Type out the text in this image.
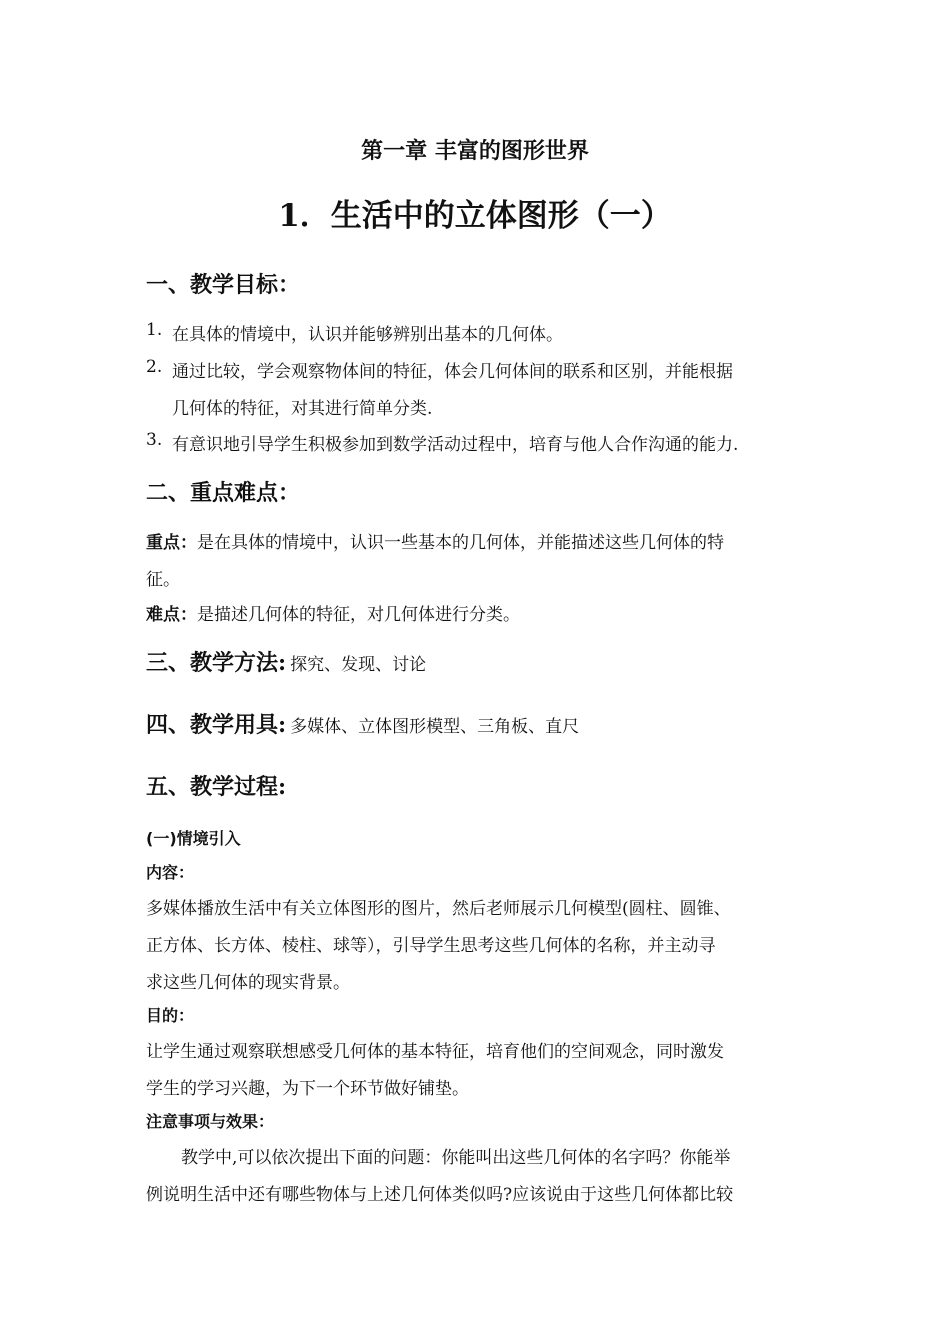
第一章 丰富的图形世界
1．生活中的立体图形（一）
一、教学目标：
1. 在具体的情境中，认识并能够辨别出基本的几何体。
2. 通过比较，学会观察物体间的特征，体会几何体间的联系和区别，并能根据
几何体的特征，对其进行简单分类.
3. 有意识地引导学生积极参加到数学活动过程中，培育与他人合作沟通的能力.
二、重点难点：
重点：是在具体的情境中，认识一些基本的几何体，并能描述这些几何体的特
征。
难点：是描述几何体的特征，对几何体进行分类。
三、教学方法: 探究、发现、讨论
四、教学用具: 多媒体、立体图形模型、三角板、直尺
五、教学过程:
(一)情境引入
内容：
多媒体播放生活中有关立体图形的图片，然后老师展示几何模型(圆柱、圆锥、
正方体、长方体、棱柱、球等），引导学生思考这些几何体的名称，并主动寻
求这些几何体的现实背景。
目的：
让学生通过观察联想感受几何体的基本特征，培育他们的空间观念，同时激发
学生的学习兴趣，为下一个环节做好铺垫。
注意事项与效果：
教学中,可以依次提出下面的问题：你能叫出这些几何体的名字吗？你能举
例说明生活中还有哪些物体与上述几何体类似吗?应该说由于这些几何体都比较
